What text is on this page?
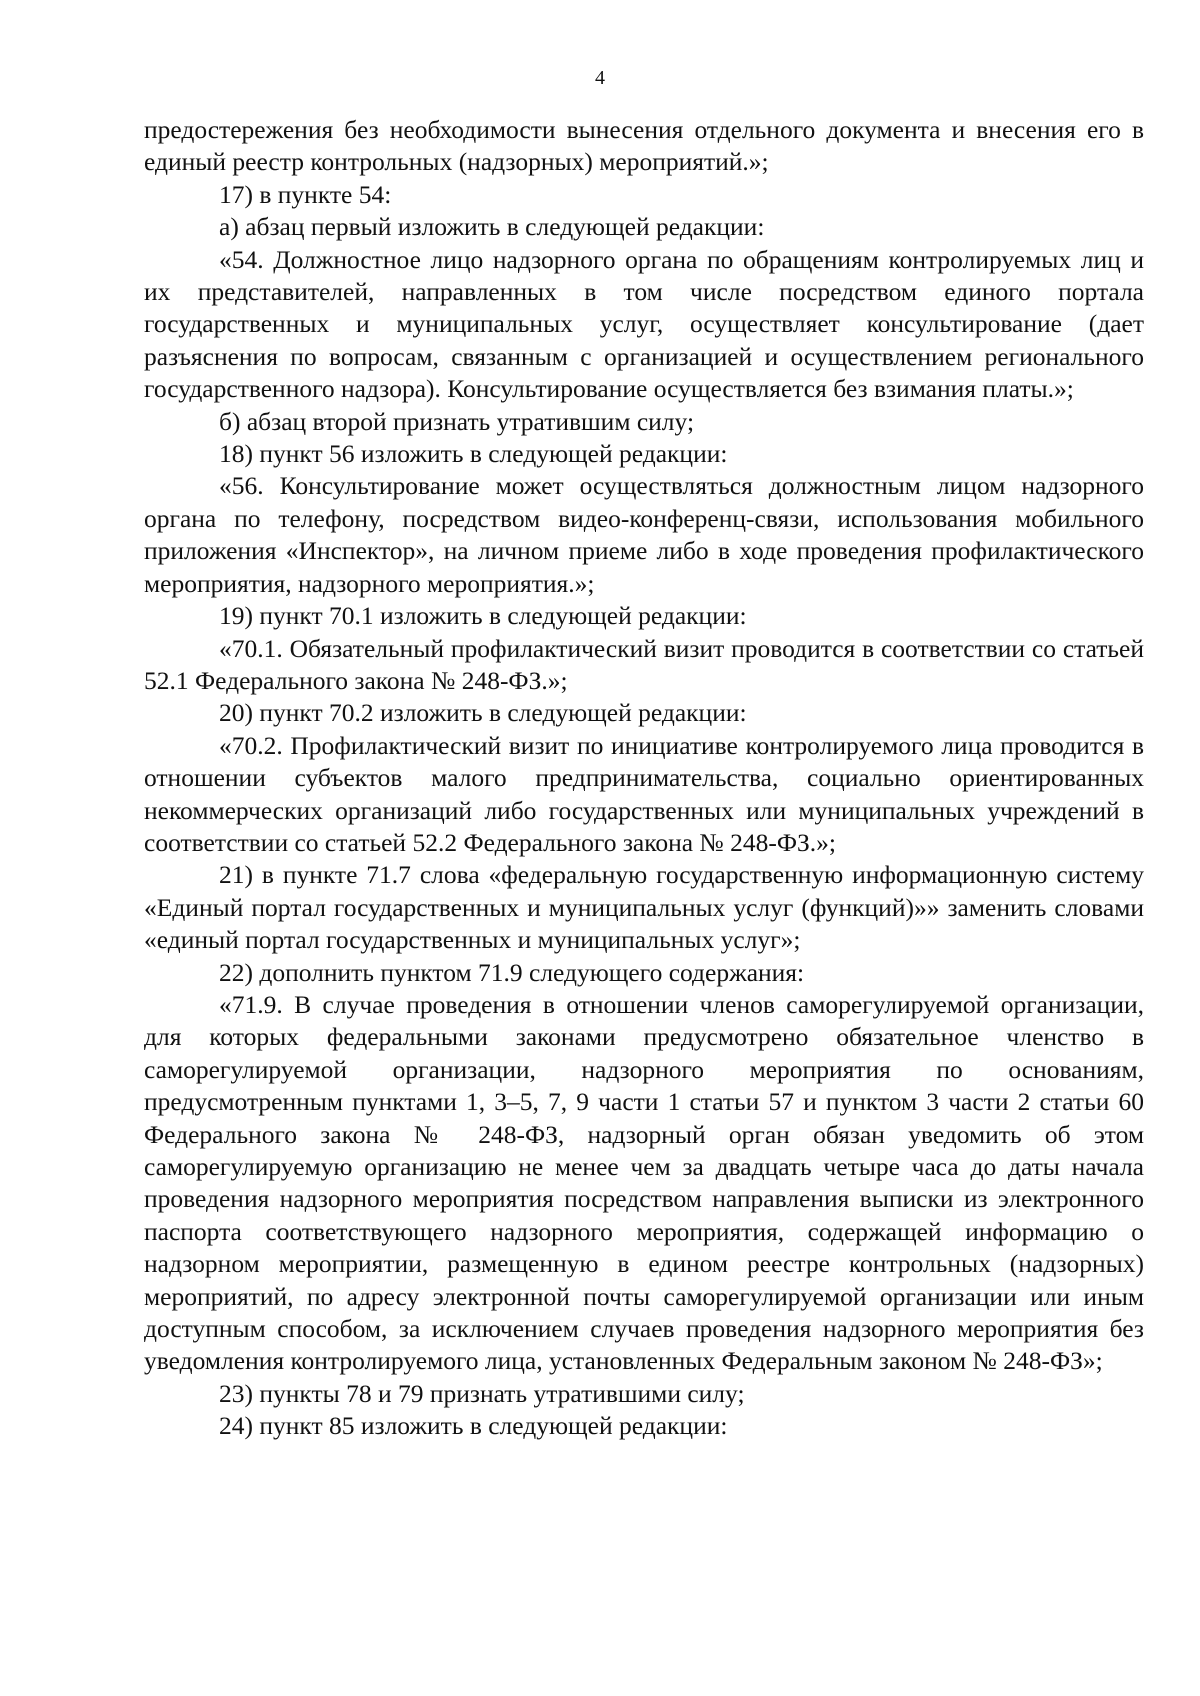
4

предостережения без необходимости вынесения отдельного документа и внесения его в единый реестр контрольных (надзорных) мероприятий.»;

17) в пункте 54:

а) абзац первый изложить в следующей редакции:

«54. Должностное лицо надзорного органа по обращениям контролируемых лиц и их представителей, направленных в том числе посредством единого портала государственных и муниципальных услуг, осуществляет консультирование (дает разъяснения по вопросам, связанным с организацией и осуществлением регионального государственного надзора). Консультирование осуществляется без взимания платы.»;

б) абзац второй признать утратившим силу;

18) пункт 56 изложить в следующей редакции:

«56. Консультирование может осуществляться должностным лицом надзорного органа по телефону, посредством видео-конференц-связи, использования мобильного приложения «Инспектор», на личном приеме либо в ходе проведения профилактического мероприятия, надзорного мероприятия.»;

19) пункт 70.1 изложить в следующей редакции:

«70.1. Обязательный профилактический визит проводится в соответствии со статьей 52.1 Федерального закона № 248-ФЗ.»;

20) пункт 70.2 изложить в следующей редакции:

«70.2. Профилактический визит по инициативе контролируемого лица проводится в отношении субъектов малого предпринимательства, социально ориентированных некоммерческих организаций либо государственных или муниципальных учреждений в соответствии со статьей 52.2 Федерального закона № 248-ФЗ.»;

21) в пункте 71.7 слова «федеральную государственную информационную систему «Единый портал государственных и муниципальных услуг (функций)»» заменить словами «единый портал государственных и муниципальных услуг»;

22) дополнить пунктом 71.9 следующего содержания:

«71.9. В случае проведения в отношении членов саморегулируемой организации, для которых федеральными законами предусмотрено обязательное членство в саморегулируемой организации, надзорного мероприятия по основаниям, предусмотренным пунктами 1, 3–5, 7, 9 части 1 статьи 57 и пунктом 3 части 2 статьи 60 Федерального закона № 248-ФЗ, надзорный орган обязан уведомить об этом саморегулируемую организацию не менее чем за двадцать четыре часа до даты начала проведения надзорного мероприятия посредством направления выписки из электронного паспорта соответствующего надзорного мероприятия, содержащей информацию о надзорном мероприятии, размещенную в едином реестре контрольных (надзорных) мероприятий, по адресу электронной почты саморегулируемой организации или иным доступным способом, за исключением случаев проведения надзорного мероприятия без уведомления контролируемого лица, установленных Федеральным законом № 248-ФЗ»;

23) пункты 78 и 79 признать утратившими силу;

24) пункт 85 изложить в следующей редакции:
